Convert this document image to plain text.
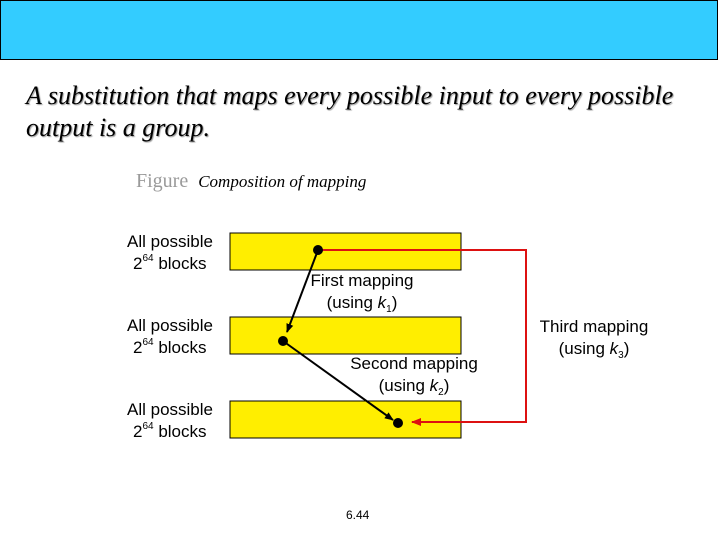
A substitution that maps every possible input to every possible output is a group.
Figure Composition of mapping
All possible
$2^{64}$ blocks
All possible
$2^{64}$ blocks
All possible
$2^{64}$ blocks
First mapping
(using $k_1$)
Second mapping
(using $k_2$)
Third mapping
(using $k_3$)
6.44
